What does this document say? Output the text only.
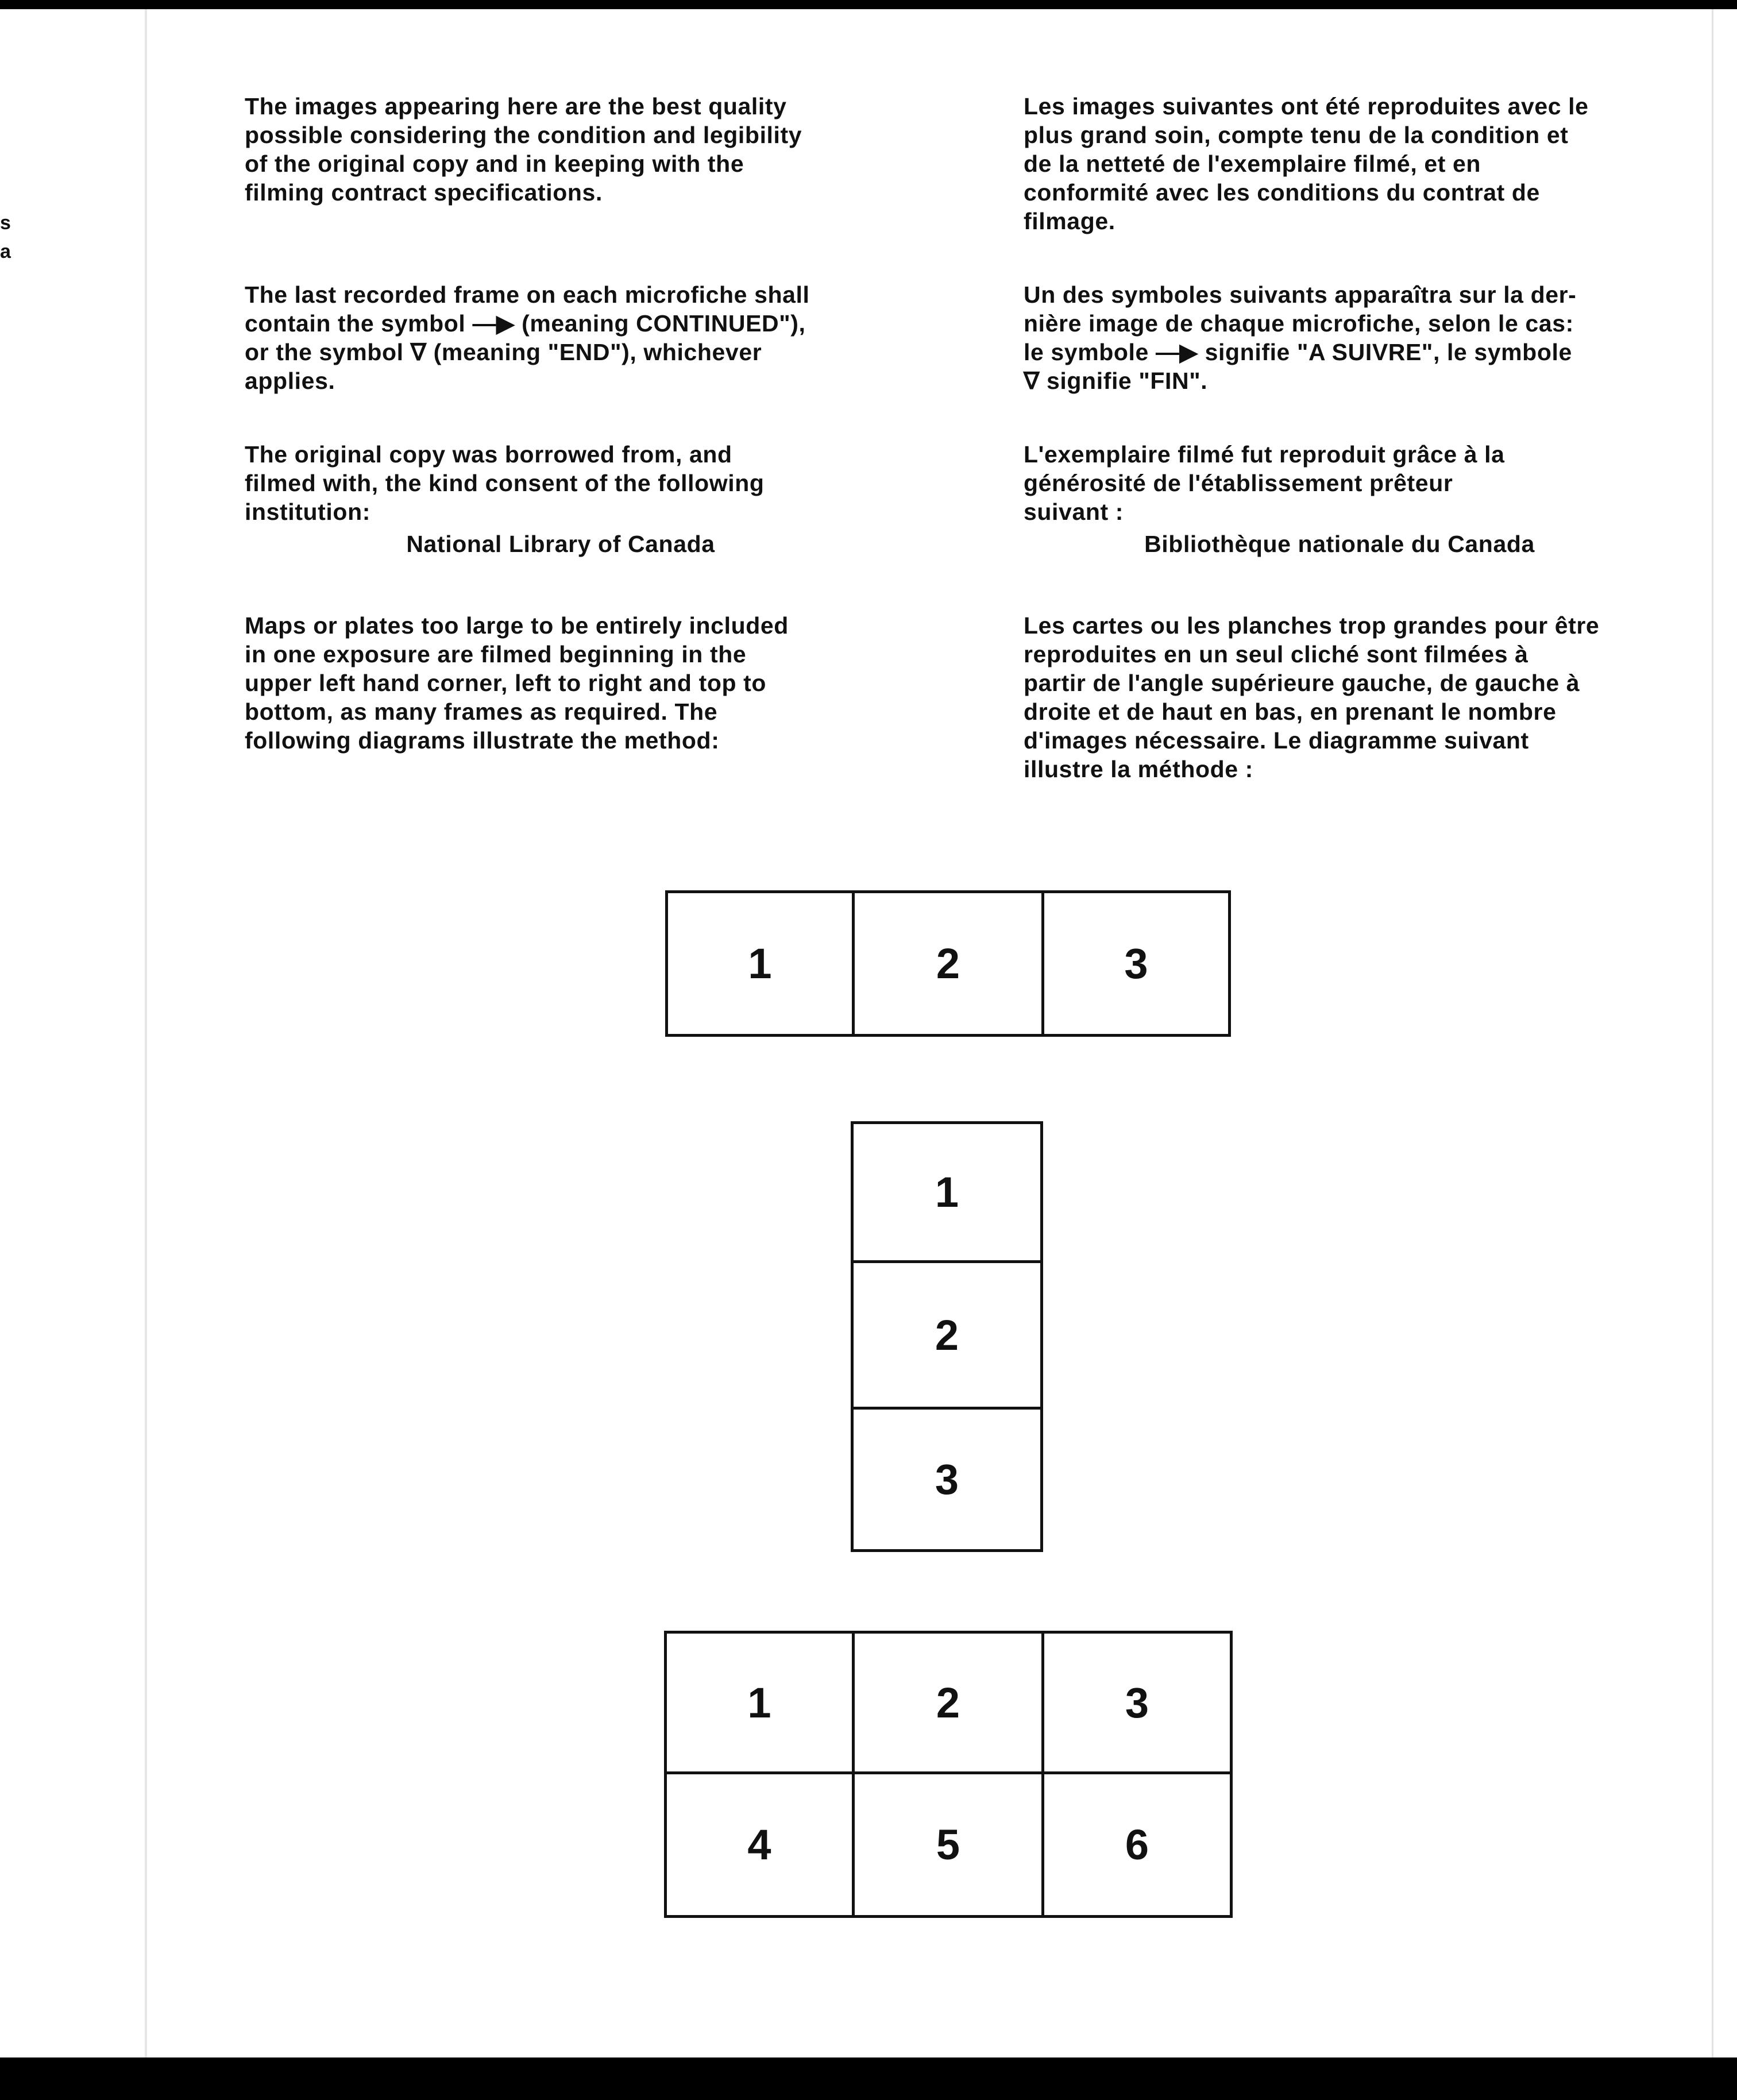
s
a
The images appearing here are the best quality
possible considering the condition and legibility
of the original copy and in keeping with the
filming contract specifications.
The last recorded frame on each microfiche shall
contain the symbol —▶ (meaning CONTINUED"),
or the symbol ∇ (meaning "END"), whichever
applies.
The original copy was borrowed from, and
filmed with, the kind consent of the following
institution:
National Library of Canada
Maps or plates too large to be entirely included
in one exposure are filmed beginning in the
upper left hand corner, left to right and top to
bottom, as many frames as required. The
following diagrams illustrate the method:
Les images suivantes ont été reproduites avec le
plus grand soin, compte tenu de la condition et
de la netteté de l'exemplaire filmé, et en
conformité avec les conditions du contrat de
filmage.
Un des symboles suivants apparaîtra sur la der-
nière image de chaque microfiche, selon le cas:
le symbole —▶ signifie "A SUIVRE", le symbole
∇ signifie "FIN".
L'exemplaire filmé fut reproduit grâce à la
générosité de l'établissement prêteur
suivant :
Bibliothèque nationale du Canada
Les cartes ou les planches trop grandes pour être
reproduites en un seul cliché sont filmées à
partir de l'angle supérieure gauche, de gauche à
droite et de haut en bas, en prenant le nombre
d'images nécessaire. Le diagramme suivant
illustre la méthode :
1	2	3
1
2
3
1	2	3
4	5	6
